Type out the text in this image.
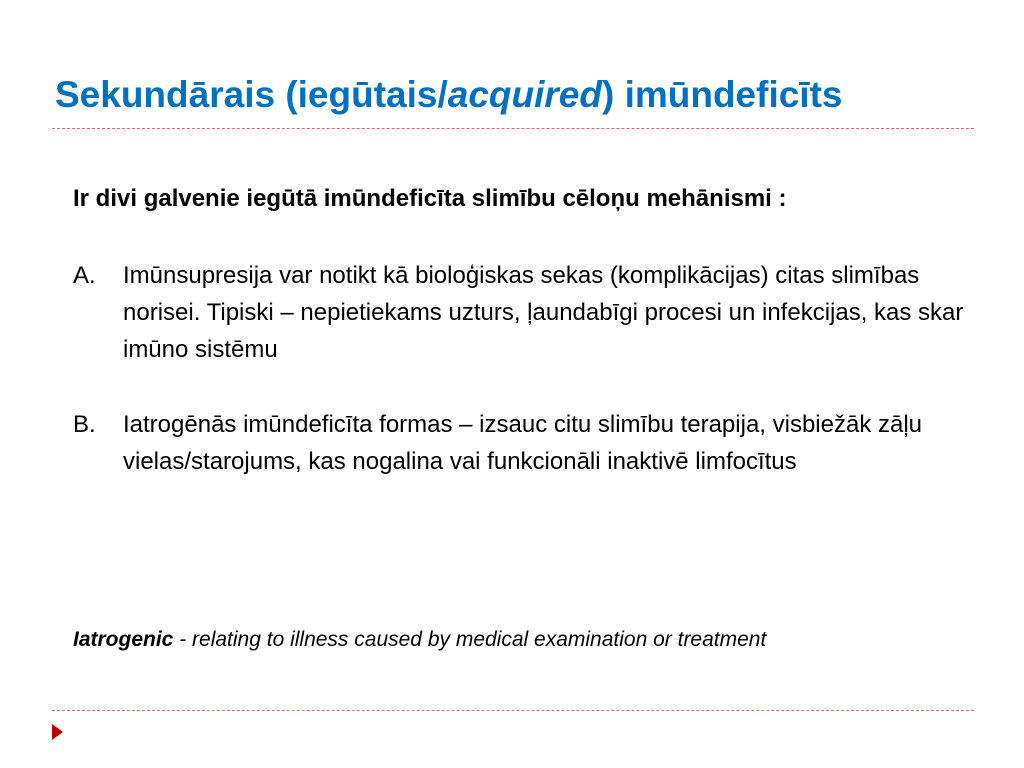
Sekundārais (iegūtais/acquired) imūndeficīts

Ir divi galvenie iegūtā imūndeficīta slimību cēloņu mehānismi :

A.	Imūnsupresija var notikt kā bioloģiskas sekas (komplikācijas) citas slimības norisei. Tipiski – nepietiekams uzturs, ļaundabīgi procesi un infekcijas, kas skar imūno sistēmu
B.	Iatrogēnās imūndeficīta formas – izsauc citu slimību terapija, visbiežāk zāļu vielas/starojums, kas nogalina vai funkcionāli inaktivē limfocītus

Iatrogenic - relating to illness caused by medical examination or treatment
